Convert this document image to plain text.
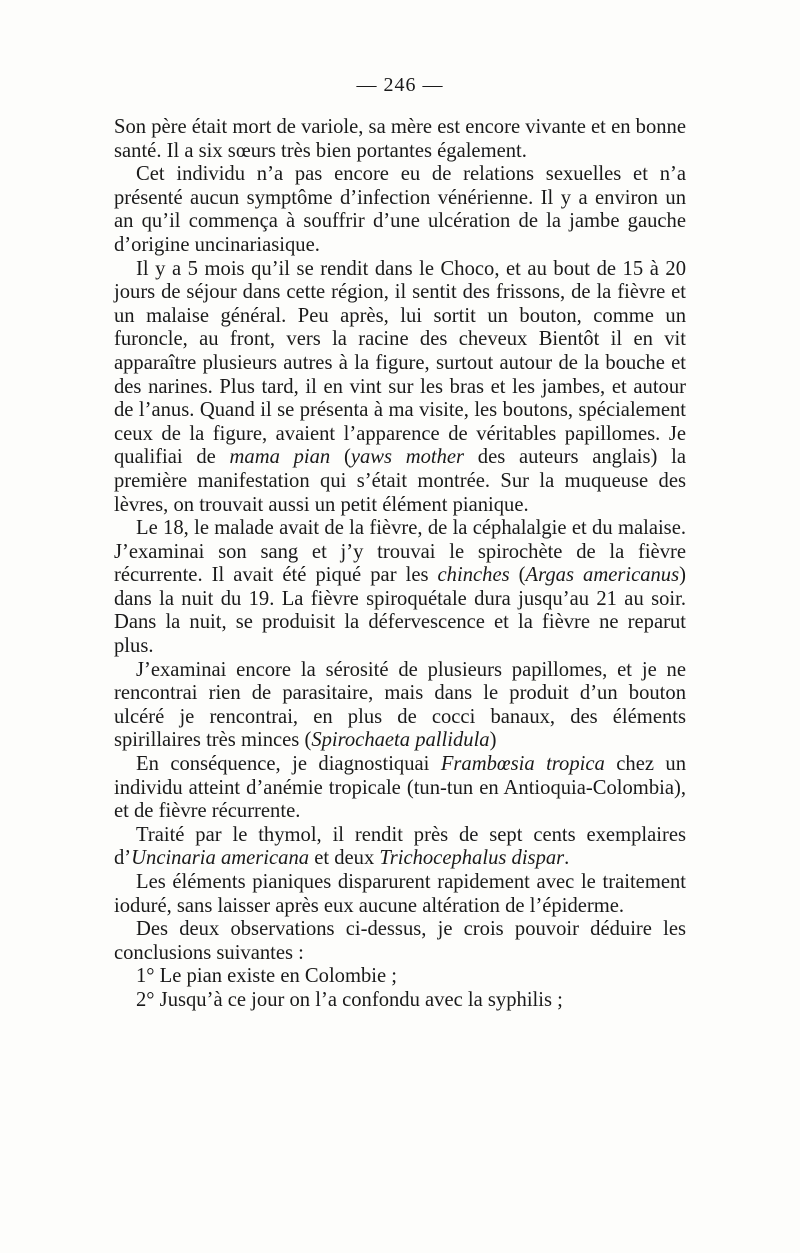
— 246 —

Son père était mort de variole, sa mère est encore vivante et en bonne santé. Il a six sœurs très bien portantes également.

Cet individu n’a pas encore eu de relations sexuelles et n’a présenté aucun symptôme d’infection vénérienne. Il y a environ un an qu’il commença à souffrir d’une ulcération de la jambe gauche d’origine uncinariasique.

Il y a 5 mois qu’il se rendit dans le Choco, et au bout de 15 à 20 jours de séjour dans cette région, il sentit des frissons, de la fièvre et un malaise général. Peu après, lui sortit un bouton, comme un furoncle, au front, vers la racine des cheveux Bientôt il en vit apparaître plusieurs autres à la figure, surtout autour de la bouche et des narines. Plus tard, il en vint sur les bras et les jambes, et autour de l’anus. Quand il se présenta à ma visite, les boutons, spécialement ceux de la figure, avaient l’apparence de véritables papillomes. Je qualifiai de mama pian (yaws mother des auteurs anglais) la première manifestation qui s’était montrée. Sur la muqueuse des lèvres, on trouvait aussi un petit élément pianique.

Le 18, le malade avait de la fièvre, de la céphalalgie et du malaise. J’examinai son sang et j’y trouvai le spirochète de la fièvre récurrente. Il avait été piqué par les chinches (Argas americanus) dans la nuit du 19. La fièvre spiroquétale dura jusqu’au 21 au soir. Dans la nuit, se produisit la défervescence et la fièvre ne reparut plus.

J’examinai encore la sérosité de plusieurs papillomes, et je ne rencontrai rien de parasitaire, mais dans le produit d’un bouton ulcéré je rencontrai, en plus de cocci banaux, des éléments spirillaires très minces (Spirochaeta pallidula)

En conséquence, je diagnostiquai Frambœsia tropica chez un individu atteint d’anémie tropicale (tun-tun en Antioquia-Colombia), et de fièvre récurrente.

Traité par le thymol, il rendit près de sept cents exemplaires d’Uncinaria americana et deux Trichocephalus dispar.

Les éléments pianiques disparurent rapidement avec le traitement ioduré, sans laisser après eux aucune altération de l’épiderme.

Des deux observations ci-dessus, je crois pouvoir déduire les conclusions suivantes :

1° Le pian existe en Colombie ;

2° Jusqu’à ce jour on l’a confondu avec la syphilis ;
